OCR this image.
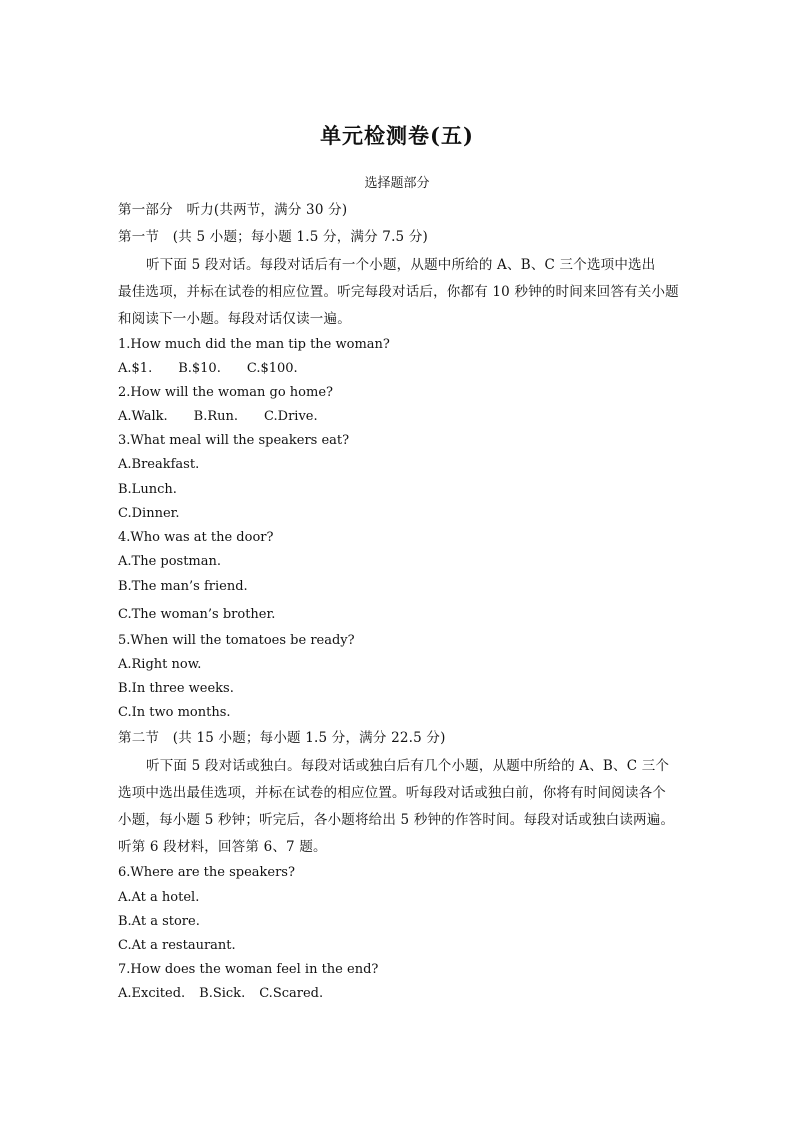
单元检测卷(五)
选择题部分
第一部分　听力(共两节，满分 30 分)
第一节　(共 5 小题；每小题 1.5 分，满分 7.5 分)
听下面 5 段对话。每段对话后有一个小题，从题中所给的 A、B、C 三个选项中选出
最佳选项，并标在试卷的相应位置。听完每段对话后，你都有 10 秒钟的时间来回答有关小题
和阅读下一小题。每段对话仅读一遍。
1.How much did the man tip the woman?
A.$1. B.$10. C.$100.
2.How will the woman go home?
A.Walk. B.Run. C.Drive.
3.What meal will the speakers eat?
A.Breakfast.
B.Lunch.
C.Dinner.
4.Who was at the door?
A.The postman.
B.The man’s friend.
C.The woman’s brother.
5.When will the tomatoes be ready?
A.Right now.
B.In three weeks.
C.In two months.
第二节　(共 15 小题；每小题 1.5 分，满分 22.5 分)
听下面 5 段对话或独白。每段对话或独白后有几个小题，从题中所给的 A、B、C 三个
选项中选出最佳选项，并标在试卷的相应位置。听每段对话或独白前，你将有时间阅读各个
小题，每小题 5 秒钟；听完后，各小题将给出 5 秒钟的作答时间。每段对话或独白读两遍。
听第 6 段材料，回答第 6、7 题。
6.Where are the speakers?
A.At a hotel.
B.At a store.
C.At a restaurant.
7.How does the woman feel in the end?
A.Excited. B.Sick. C.Scared.
